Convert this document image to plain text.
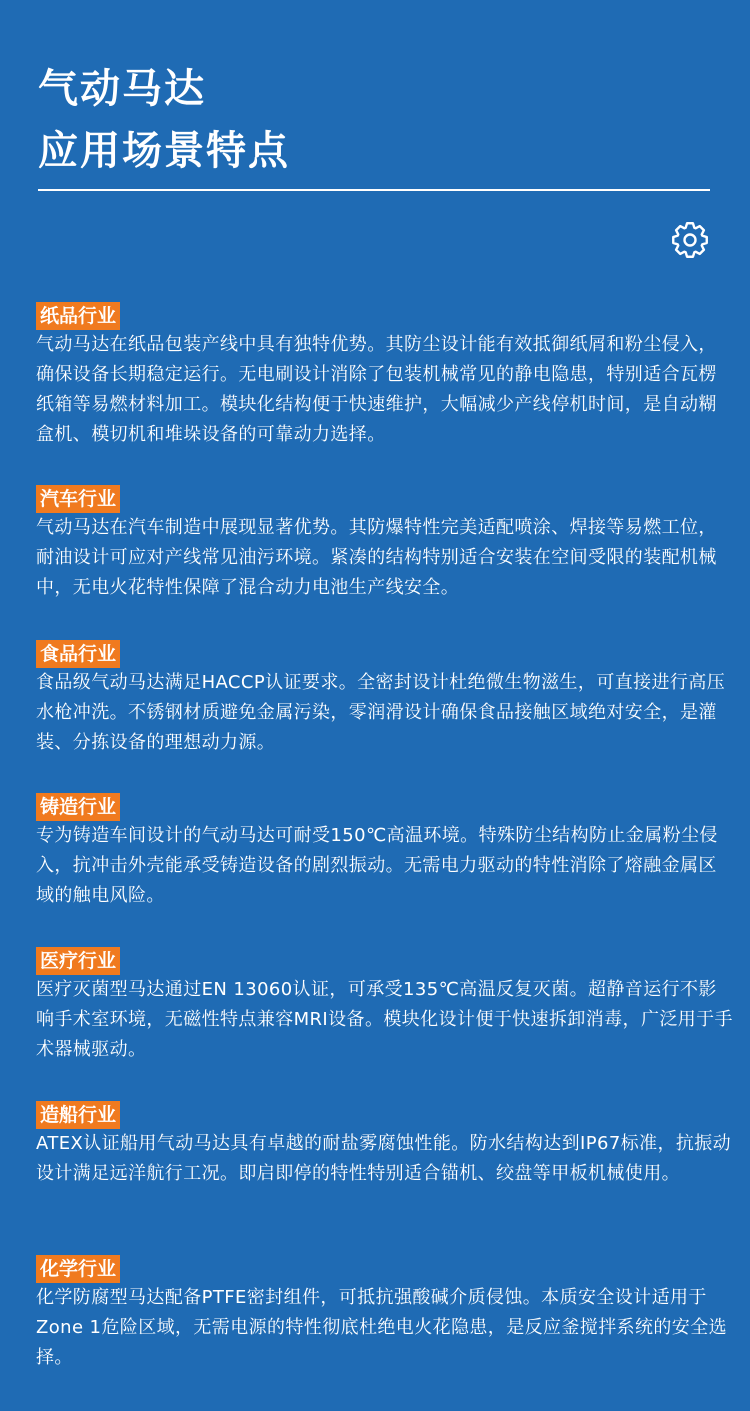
气动马达
应用场景特点
纸品行业

气动马达在纸品包装产线中具有独特优势。其防尘设计能有效抵御纸屑和粉尘侵入，确保设备长期稳定运行。无电刷设计消除了包装机械常见的静电隐患，特别适合瓦楞纸箱等易燃材料加工。模块化结构便于快速维护，大幅减少产线停机时间，是自动糊盒机、模切机和堆垛设备的可靠动力选择。

汽车行业

气动马达在汽车制造中展现显著优势。其防爆特性完美适配喷涂、焊接等易燃工位，耐油设计可应对产线常见油污环境。紧凑的结构特别适合安装在空间受限的装配机械中，无电火花特性保障了混合动力电池生产线安全。

食品行业

食品级气动马达满足HACCP认证要求。全密封设计杜绝微生物滋生，可直接进行高压水枪冲洗。不锈钢材质避免金属污染，零润滑设计确保食品接触区域绝对安全，是灌装、分拣设备的理想动力源。

铸造行业

专为铸造车间设计的气动马达可耐受150℃高温环境。特殊防尘结构防止金属粉尘侵入，抗冲击外壳能承受铸造设备的剧烈振动。无需电力驱动的特性消除了熔融金属区域的触电风险。

医疗行业

医疗灭菌型马达通过EN 13060认证，可承受135℃高温反复灭菌。超静音运行不影响手术室环境，无磁性特点兼容MRI设备。模块化设计便于快速拆卸消毒，广泛用于手术器械驱动。

造船行业

ATEX认证船用气动马达具有卓越的耐盐雾腐蚀性能。防水结构达到IP67标准，抗振动设计满足远洋航行工况。即启即停的特性特别适合锚机、绞盘等甲板机械使用。

化学行业

化学防腐型马达配备PTFE密封组件，可抵抗强酸碱介质侵蚀。本质安全设计适用于Zone 1危险区域，无需电源的特性彻底杜绝电火花隐患，是反应釜搅拌系统的安全选择。
